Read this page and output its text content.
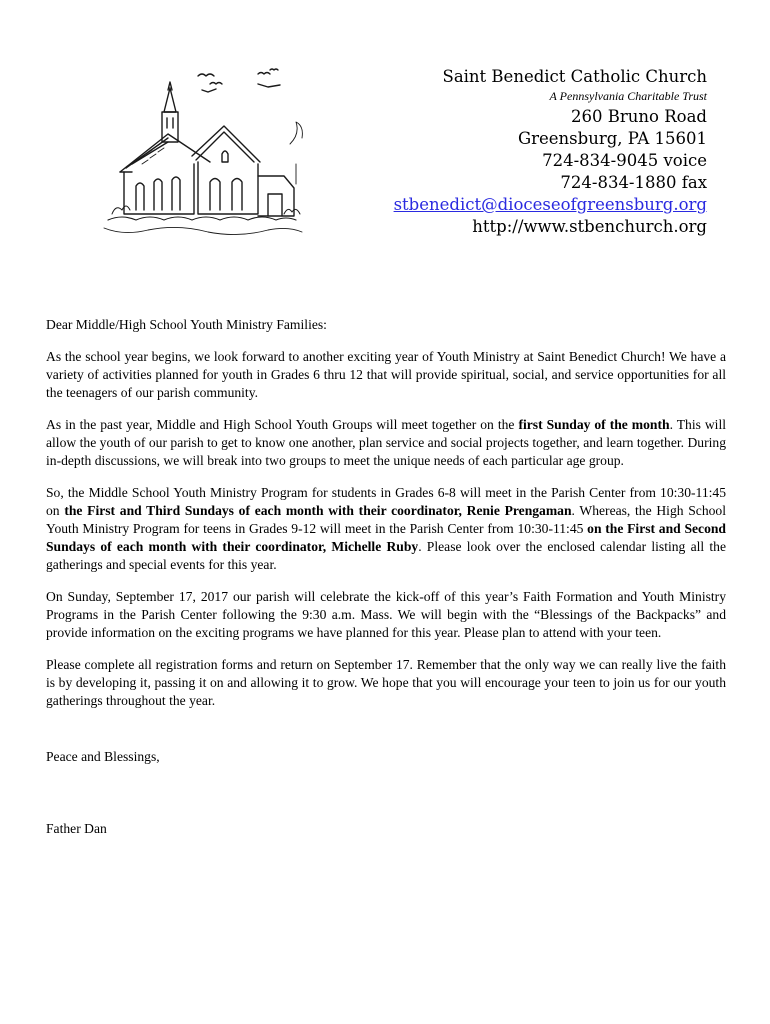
Saint Benedict Catholic Church
A Pennsylvania Charitable Trust
260 Bruno Road
Greensburg, PA 15601
724-834-9045 voice
724-834-1880 fax
stbenedict@dioceseofgreensburg.org
http://www.stbenchurch.org

Dear Middle/High School Youth Ministry Families:

As the school year begins, we look forward to another exciting year of Youth Ministry at Saint Benedict Church! We have a variety of activities planned for youth in Grades 6 thru 12 that will provide spiritual, social, and service opportunities for all the teenagers of our parish community.

As in the past year, Middle and High School Youth Groups will meet together on the first Sunday of the month. This will allow the youth of our parish to get to know one another, plan service and social projects together, and learn together. During in-depth discussions, we will break into two groups to meet the unique needs of each particular age group.

So, the Middle School Youth Ministry Program for students in Grades 6-8 will meet in the Parish Center from 10:30-11:45 on the First and Third Sundays of each month with their coordinator, Renie Prengaman. Whereas, the High School Youth Ministry Program for teens in Grades 9-12 will meet in the Parish Center from 10:30-11:45 on the First and Second Sundays of each month with their coordinator, Michelle Ruby. Please look over the enclosed calendar listing all the gatherings and special events for this year.

On Sunday, September 17, 2017 our parish will celebrate the kick-off of this year’s Faith Formation and Youth Ministry Programs in the Parish Center following the 9:30 a.m. Mass. We will begin with the “Blessings of the Backpacks” and provide information on the exciting programs we have planned for this year. Please plan to attend with your teen.

Please complete all registration forms and return on September 17. Remember that the only way we can really live the faith is by developing it, passing it on and allowing it to grow. We hope that you will encourage your teen to join us for our youth gatherings throughout the year.

Peace and Blessings,

Father Dan
